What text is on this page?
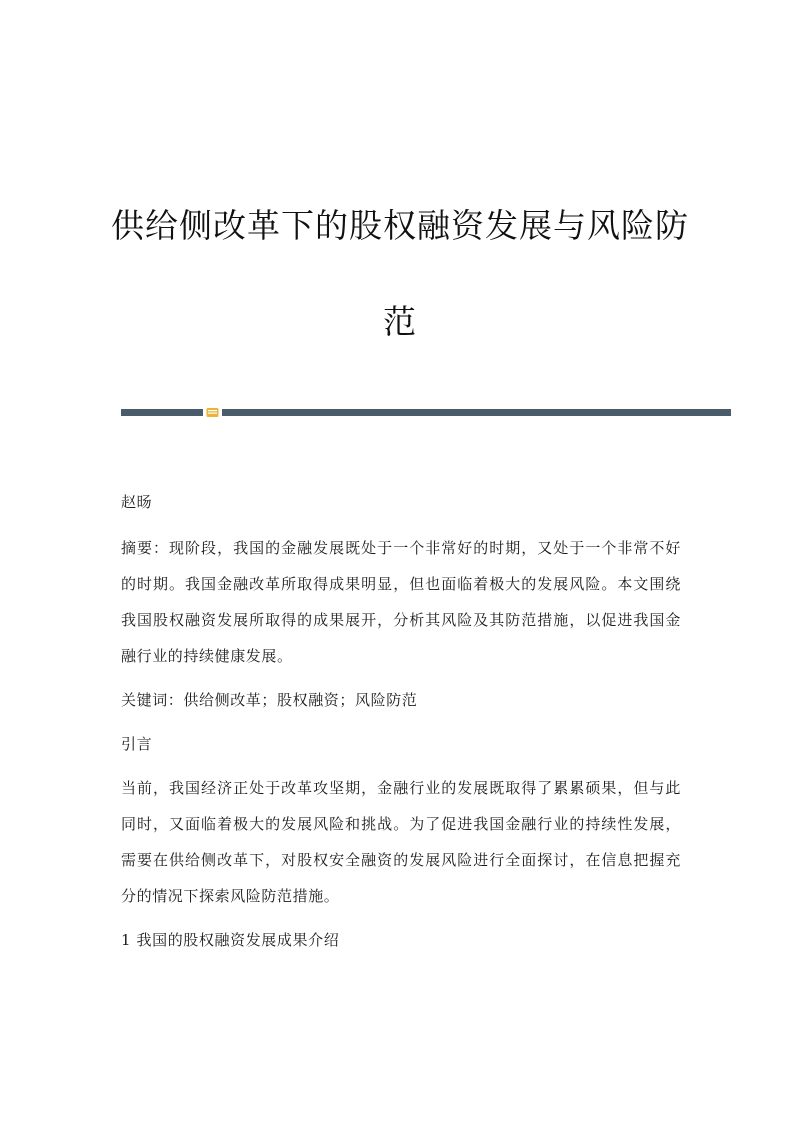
供给侧改革下的股权融资发展与风险防范

赵旸

摘要：现阶段，我国的金融发展既处于一个非常好的时期，又处于一个非常不好的时期。我国金融改革所取得成果明显，但也面临着极大的发展风险。本文围绕我国股权融资发展所取得的成果展开，分析其风险及其防范措施，以促进我国金融行业的持续健康发展。

关键词：供给侧改革；股权融资；风险防范

引言

当前，我国经济正处于改革攻坚期，金融行业的发展既取得了累累硕果，但与此同时，又面临着极大的发展风险和挑战。为了促进我国金融行业的持续性发展，需要在供给侧改革下，对股权安全融资的发展风险进行全面探讨，在信息把握充分的情况下探索风险防范措施。

1 我国的股权融资发展成果介绍
